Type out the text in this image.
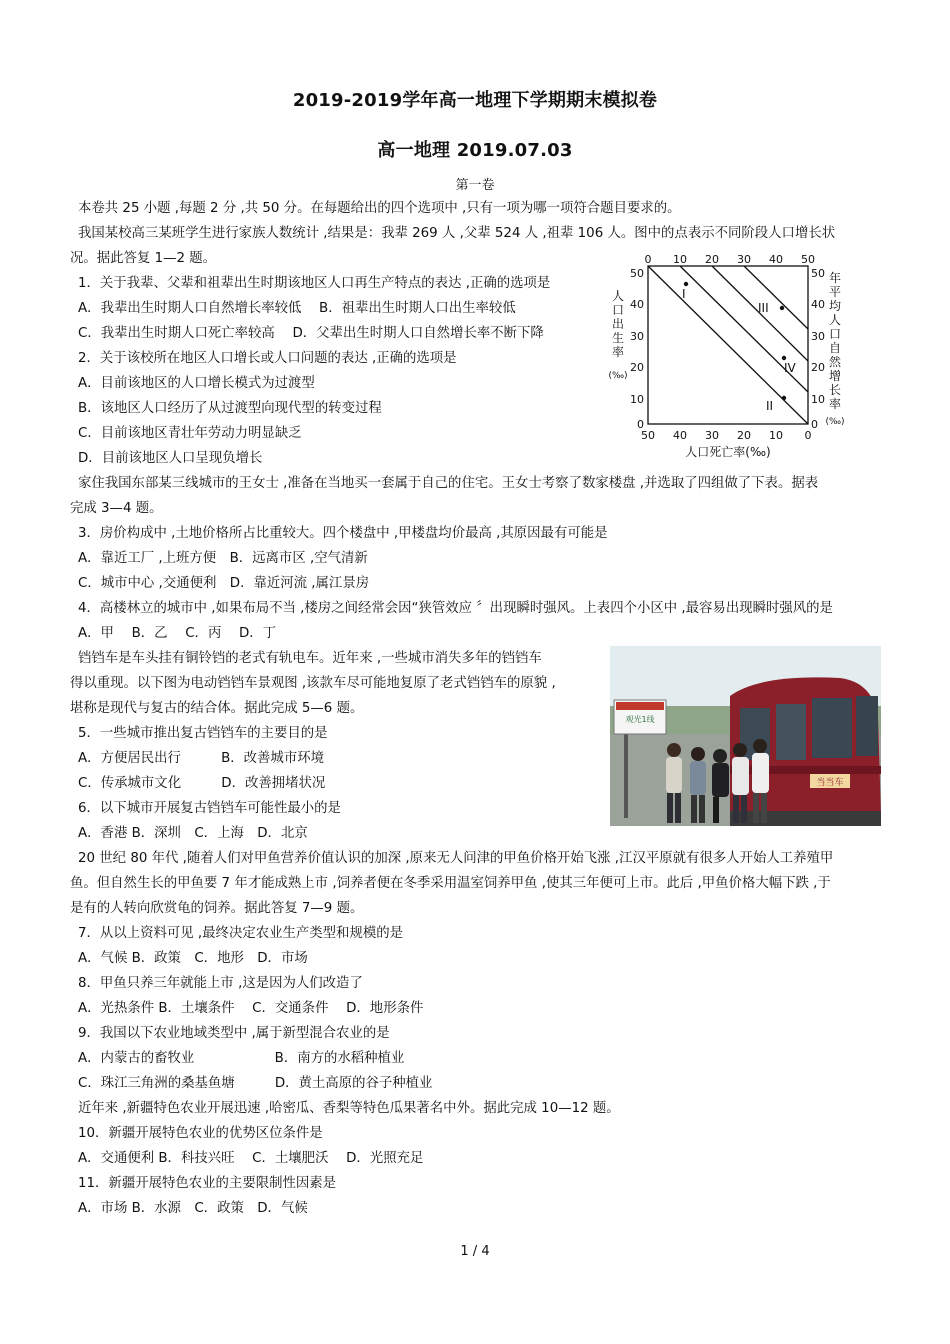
2019-2019学年高一地理下学期期末模拟卷
高一地理 2019.07.03
第一卷
本卷共 25 小题 ,每题 2 分 ,共 50 分。在每题给出的四个选项中 ,只有一项为哪一项符合题目要求的。
我国某校高三某班学生进行家族人数统计 ,结果是：我辈 269 人 ,父辈 524 人 ,祖辈 106 人。图中的点表示不同阶段人口增长状
况。据此答复 1—2 题。
1．关于我辈、父辈和祖辈出生时期该地区人口再生产特点的表达 ,正确的选项是
A．我辈出生时期人口自然增长率较低　 B．祖辈出生时期人口出生率较低
C．我辈出生时期人口死亡率较高　 D．父辈出生时期人口自然增长率不断下降
2．关于该校所在地区人口增长或人口问题的表达 ,正确的选项是
A．目前该地区的人口增长模式为过渡型
B．该地区人口经历了从过渡型向现代型的转变过程
C．目前该地区青壮年劳动力明显缺乏
D．目前该地区人口呈现负增长
0 10 20 30 40 50
50 40 30 20 10 0
50
40
30
20
10
0
50
40
30
20
10
0
I
II
III
IV
人
口
出
生
率
(‰)
年
平
均
人
口
自
然
增
长
率
(‰)
人口死亡率(‰)
家住我国东部某三线城市的王女士 ,准备在当地买一套属于自己的住宅。王女士考察了数家楼盘 ,并选取了四组做了下表。据表
完成 3—4 题。
3．房价构成中 ,土地价格所占比重较大。四个楼盘中 ,甲楼盘均价最高 ,其原因最有可能是
A．靠近工厂 ,上班方便　B．远离市区 ,空气清新
C．城市中心 ,交通便利　D．靠近河流 ,属江景房
4．高楼林立的城市中 ,如果布局不当 ,楼房之间经常会因“狭管效应 〞出现瞬时强风。上表四个小区中 ,最容易出现瞬时强风的是
A．甲　 B．乙　 C．丙　 D．丁
铛铛车是车头挂有铜铃铛的老式有轨电车。近年来 ,一些城市消失多年的铛铛车
得以重现。以下图为电动铛铛车景观图 ,该款车尽可能地复原了老式铛铛车的原貌 ,
堪称是现代与复古的结合体。据此完成 5—6 题。
5．一些城市推出复古铛铛车的主要目的是
A．方便居民出行　　　B．改善城市环境
C．传承城市文化　　　D．改善拥堵状况
6．以下城市开展复古铛铛车可能性最小的是
A．香港 B．深圳　C．上海　D．北京
当当车
观光1线
20 世纪 80 年代 ,随着人们对甲鱼营养价值认识的加深 ,原来无人问津的甲鱼价格开始飞涨 ,江汉平原就有很多人开始人工养殖甲
鱼。但自然生长的甲鱼要 7 年才能成熟上市 ,饲养者便在冬季采用温室饲养甲鱼 ,使其三年便可上市。此后 ,甲鱼价格大幅下跌 ,于
是有的人转向欣赏龟的饲养。据此答复 7—9 题。
7．从以上资料可见 ,最终决定农业生产类型和规模的是
A．气候 B．政策　C．地形　D．市场
8．甲鱼只养三年就能上市 ,这是因为人们改造了
A．光热条件 B．土壤条件　 C．交通条件　 D．地形条件
9．我国以下农业地域类型中 ,属于新型混合农业的是
A．内蒙古的畜牧业　　　　　　B．南方的水稻种植业
C．珠江三角洲的桑基鱼塘　　　D．黄土高原的谷子种植业
近年来 ,新疆特色农业开展迅速 ,哈密瓜、香梨等特色瓜果著名中外。据此完成 10—12 题。
10．新疆开展特色农业的优势区位条件是
A．交通便利 B．科技兴旺　 C．土壤肥沃　 D．光照充足
11．新疆开展特色农业的主要限制性因素是
A．市场 B．水源　C．政策　D．气候
1 / 4
